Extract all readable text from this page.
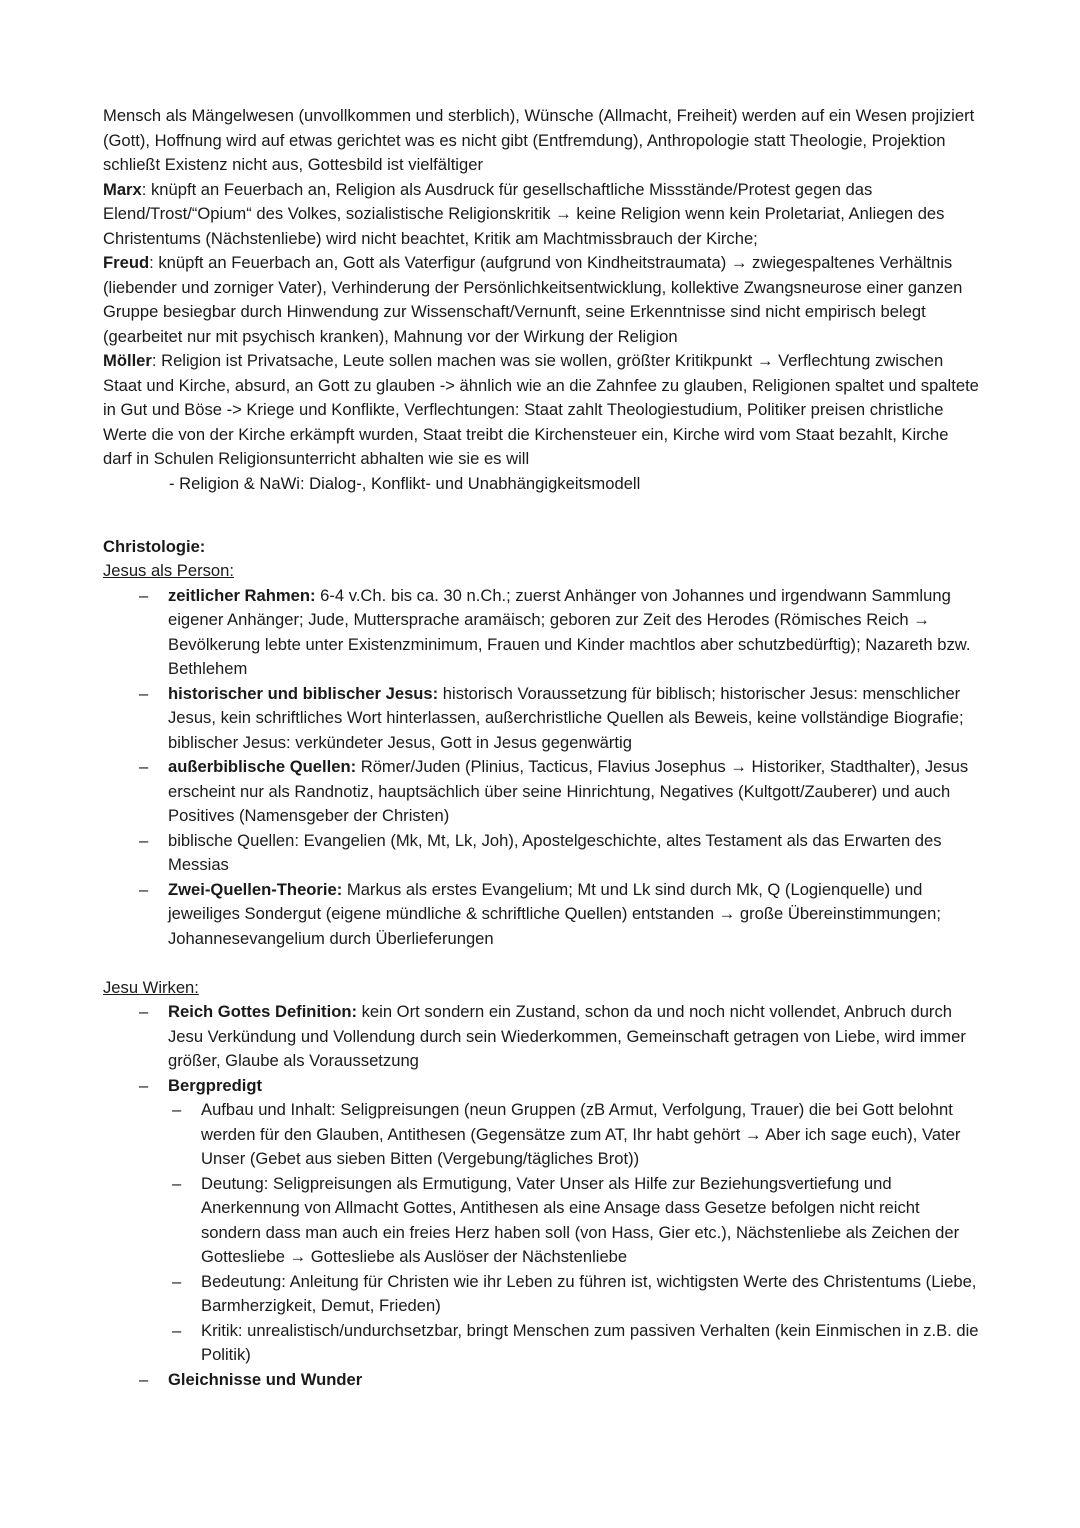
Mensch als Mängelwesen (unvollkommen und sterblich), Wünsche (Allmacht, Freiheit) werden auf ein Wesen projiziert (Gott), Hoffnung wird auf etwas gerichtet was es nicht gibt (Entfremdung), Anthropologie statt Theologie, Projektion schließt Existenz nicht aus, Gottesbild ist vielfältiger

Marx: knüpft an Feuerbach an, Religion als Ausdruck für gesellschaftliche Missstände/Protest gegen das Elend/Trost/“Opium“ des Volkes, sozialistische Religionskritik → keine Religion wenn kein Proletariat, Anliegen des Christentums (Nächstenliebe) wird nicht beachtet, Kritik am Machtmissbrauch der Kirche;

Freud: knüpft an Feuerbach an, Gott als Vaterfigur (aufgrund von Kindheitstraumata) → zwiegespaltenes Verhältnis (liebender und zorniger Vater), Verhinderung der Persönlichkeitsentwicklung, kollektive Zwangsneurose einer ganzen Gruppe besiegbar durch Hinwendung zur Wissenschaft/Vernunft, seine Erkenntnisse sind nicht empirisch belegt (gearbeitet nur mit psychisch kranken), Mahnung vor der Wirkung der Religion

Möller: Religion ist Privatsache, Leute sollen machen was sie wollen, größter Kritikpunkt → Verflechtung zwischen Staat und Kirche, absurd, an Gott zu glauben -> ähnlich wie an die Zahnfee zu glauben, Religionen spaltet und spaltete in Gut und Böse -> Kriege und Konflikte, Verflechtungen: Staat zahlt Theologiestudium, Politiker preisen christliche Werte die von der Kirche erkämpft wurden, Staat treibt die Kirchensteuer ein, Kirche wird vom Staat bezahlt, Kirche darf in Schulen Religionsunterricht abhalten wie sie es will

- Religion & NaWi: Dialog-, Konflikt- und Unabhängigkeitsmodell

Christologie:

Jesus als Person:

– zeitlicher Rahmen: 6-4 v.Ch. bis ca. 30 n.Ch.; zuerst Anhänger von Johannes und irgendwann Sammlung eigener Anhänger; Jude, Muttersprache aramäisch; geboren zur Zeit des Herodes (Römisches Reich → Bevölkerung lebte unter Existenzminimum, Frauen und Kinder machtlos aber schutzbedürftig); Nazareth bzw. Bethlehem
– historischer und biblischer Jesus: historisch Voraussetzung für biblisch; historischer Jesus: menschlicher Jesus, kein schriftliches Wort hinterlassen, außerchristliche Quellen als Beweis, keine vollständige Biografie; biblischer Jesus: verkündeter Jesus, Gott in Jesus gegenwärtig
– außerbiblische Quellen: Römer/Juden (Plinius, Tacticus, Flavius Josephus → Historiker, Stadthalter), Jesus erscheint nur als Randnotiz, hauptsächlich über seine Hinrichtung, Negatives (Kultgott/Zauberer) und auch Positives (Namensgeber der Christen)
– biblische Quellen: Evangelien (Mk, Mt, Lk, Joh), Apostelgeschichte, altes Testament als das Erwarten des Messias
– Zwei-Quellen-Theorie: Markus als erstes Evangelium; Mt und Lk sind durch Mk, Q (Logienquelle) und jeweiliges Sondergut (eigene mündliche & schriftliche Quellen) entstanden → große Übereinstimmungen; Johannesevangelium durch Überlieferungen

Jesu Wirken:

– Reich Gottes Definition: kein Ort sondern ein Zustand, schon da und noch nicht vollendet, Anbruch durch Jesu Verkündung und Vollendung durch sein Wiederkommen, Gemeinschaft getragen von Liebe, wird immer größer, Glaube als Voraussetzung
– Bergpredigt
– Aufbau und Inhalt: Seligpreisungen (neun Gruppen (zB Armut, Verfolgung, Trauer) die bei Gott belohnt werden für den Glauben, Antithesen (Gegensätze zum AT, Ihr habt gehört → Aber ich sage euch), Vater Unser (Gebet aus sieben Bitten (Vergebung/tägliches Brot))
– Deutung: Seligpreisungen als Ermutigung, Vater Unser als Hilfe zur Beziehungsvertiefung und Anerkennung von Allmacht Gottes, Antithesen als eine Ansage dass Gesetze befolgen nicht reicht sondern dass man auch ein freies Herz haben soll (von Hass, Gier etc.), Nächstenliebe als Zeichen der Gottesliebe → Gottesliebe als Auslöser der Nächstenliebe
– Bedeutung: Anleitung für Christen wie ihr Leben zu führen ist, wichtigsten Werte des Christentums (Liebe, Barmherzigkeit, Demut, Frieden)
– Kritik: unrealistisch/undurchsetzbar, bringt Menschen zum passiven Verhalten (kein Einmischen in z.B. die Politik)
– Gleichnisse und Wunder
